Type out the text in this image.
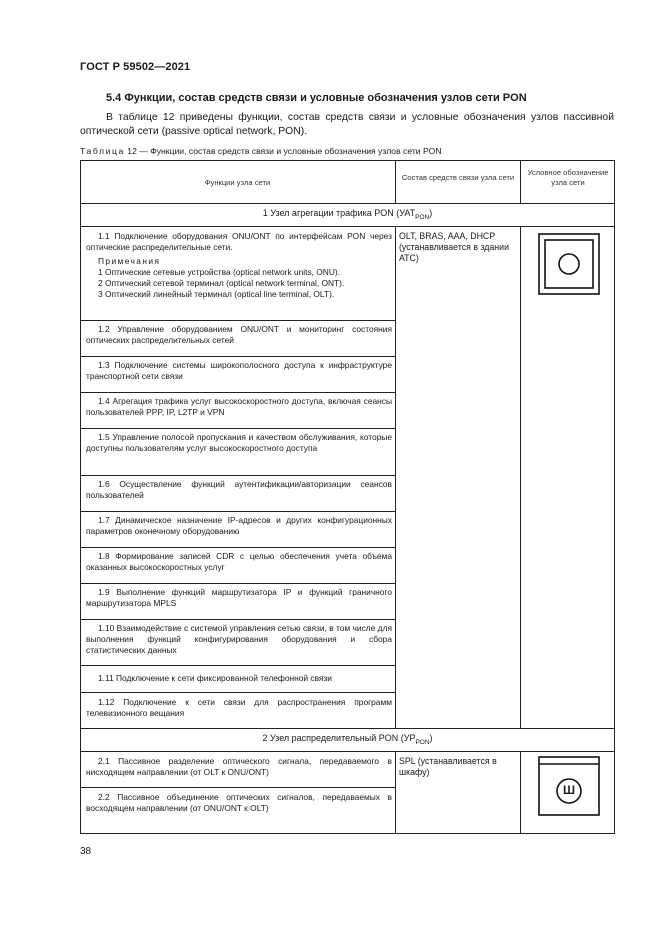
ГОСТ Р 59502—2021
5.4 Функции, состав средств связи и условные обозначения узлов сети PON
В таблице 12 приведены функции, состав средств связи и условные обозначения узлов пассивной оптической сети (passive optical network, PON).
Таблица 12 — Функции, состав средств связи и условные обозначения узлов сети PON
Функции узла сети
Состав средств связи узла сети
Условное обозначение узла сети
1 Узел агрегации трафика PON $(УАТ_{PON})$
1.1 Подключение оборудования ONU/ONT по интерфейсам PON через оптические распределительные сети.
Примечания
1 Оптические сетевые устройства (optical network units, ONU).
2 Оптический сетевой терминал (optical network terminal, ONT).
3 Оптический линейный терминал (optical line terminal, OLT).
1.2 Управление оборудованием ONU/ONT и мониторинг состояния оптических распределительных сетей
1.3 Подключение системы широкополосного доступа к инфраструктуре транспортной сети связи
1.4 Агрегация трафика услуг высокоскоростного доступа, включая сеансы пользователей PPP, IP, L2TP и VPN
1.5 Управление полосой пропускания и качеством обслуживания, которые доступны пользователям услуг высокоскоростного доступа
1.6 Осуществление функций аутентификации/авторизации сеансов пользователей
1.7 Динамическое назначение IP-адресов и других конфигурационных параметров оконечному оборудованию
1.8 Формирование записей CDR с целью обеспечения учета объема оказанных высокоскоростных услуг
1.9 Выполнение функций маршрутизатора IP и функций граничного маршрутизатора MPLS
1.10 Взаимодействие с системой управления сетью связи, в том числе для выполнения функций конфигурирования оборудования и сбора статистических данных
1.11 Подключение к сети фиксированной телефонной связи
1.12 Подключение к сети связи для распространения программ телевизионного вещания
OLT, BRAS, AAA, DHCP (устанавливается в здании АТС)
2 Узел распределительный PON $(УР_{PON})$
2.1 Пассивное разделение оптического сигнала, передаваемого в нисходящем направлении (от OLT к ONU/ONT)
2.2 Пассивное объединение оптических сигналов, передаваемых в восходящем направлении (от ONU/ONT к OLT)
SPL (устанавливается в шкафу)
Ш
38
